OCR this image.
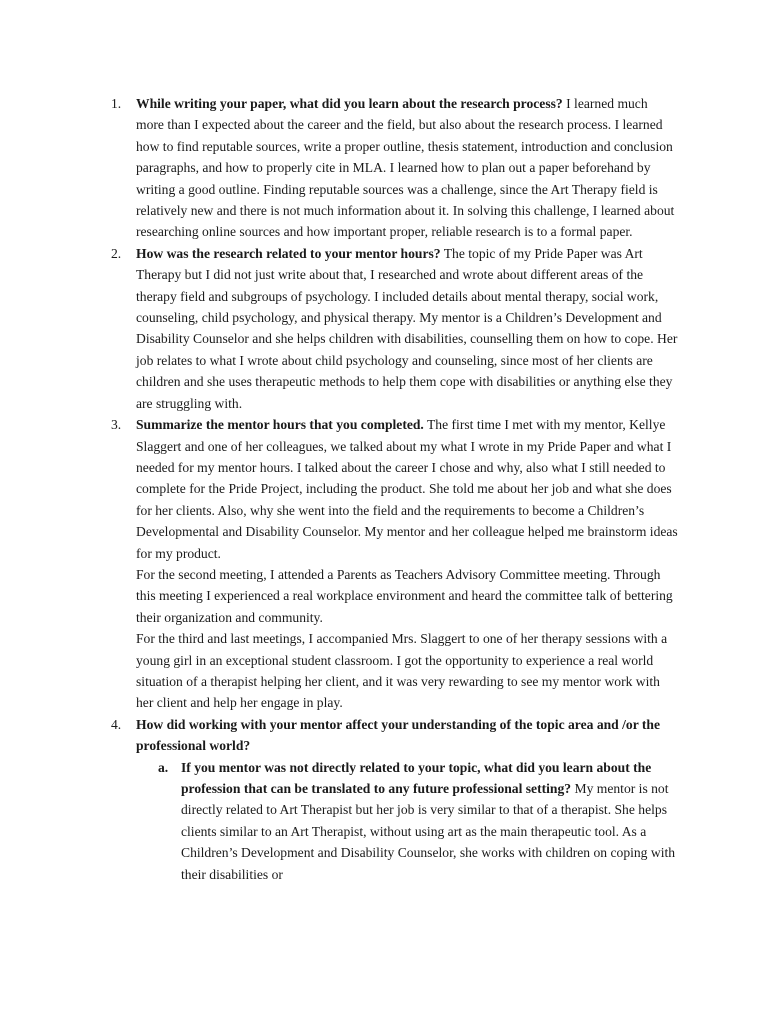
1. While writing your paper, what did you learn about the research process? I learned much more than I expected about the career and the field, but also about the research process. I learned how to find reputable sources, write a proper outline, thesis statement, introduction and conclusion paragraphs, and how to properly cite in MLA. I learned how to plan out a paper beforehand by writing a good outline. Finding reputable sources was a challenge, since the Art Therapy field is relatively new and there is not much information about it. In solving this challenge, I learned about researching online sources and how important proper, reliable research is to a formal paper.
2. How was the research related to your mentor hours? The topic of my Pride Paper was Art Therapy but I did not just write about that, I researched and wrote about different areas of the therapy field and subgroups of psychology. I included details about mental therapy, social work, counseling, child psychology, and physical therapy. My mentor is a Children’s Development and Disability Counselor and she helps children with disabilities, counselling them on how to cope. Her job relates to what I wrote about child psychology and counseling, since most of her clients are children and she uses therapeutic methods to help them cope with disabilities or anything else they are struggling with.
3. Summarize the mentor hours that you completed. The first time I met with my mentor, Kellye Slaggert and one of her colleagues, we talked about my what I wrote in my Pride Paper and what I needed for my mentor hours. I talked about the career I chose and why, also what I still needed to complete for the Pride Project, including the product. She told me about her job and what she does for her clients. Also, why she went into the field and the requirements to become a Children’s Developmental and Disability Counselor. My mentor and her colleague helped me brainstorm ideas for my product.
For the second meeting, I attended a Parents as Teachers Advisory Committee meeting. Through this meeting I experienced a real workplace environment and heard the committee talk of bettering their organization and community.
For the third and last meetings, I accompanied Mrs. Slaggert to one of her therapy sessions with a young girl in an exceptional student classroom. I got the opportunity to experience a real world situation of a therapist helping her client, and it was very rewarding to see my mentor work with her client and help her engage in play.
4. How did working with your mentor affect your understanding of the topic area and /or the professional world?
a. If you mentor was not directly related to your topic, what did you learn about the profession that can be translated to any future professional setting? My mentor is not directly related to Art Therapist but her job is very similar to that of a therapist. She helps clients similar to an Art Therapist, without using art as the main therapeutic tool. As a Children’s Development and Disability Counselor, she works with children on coping with their disabilities or
